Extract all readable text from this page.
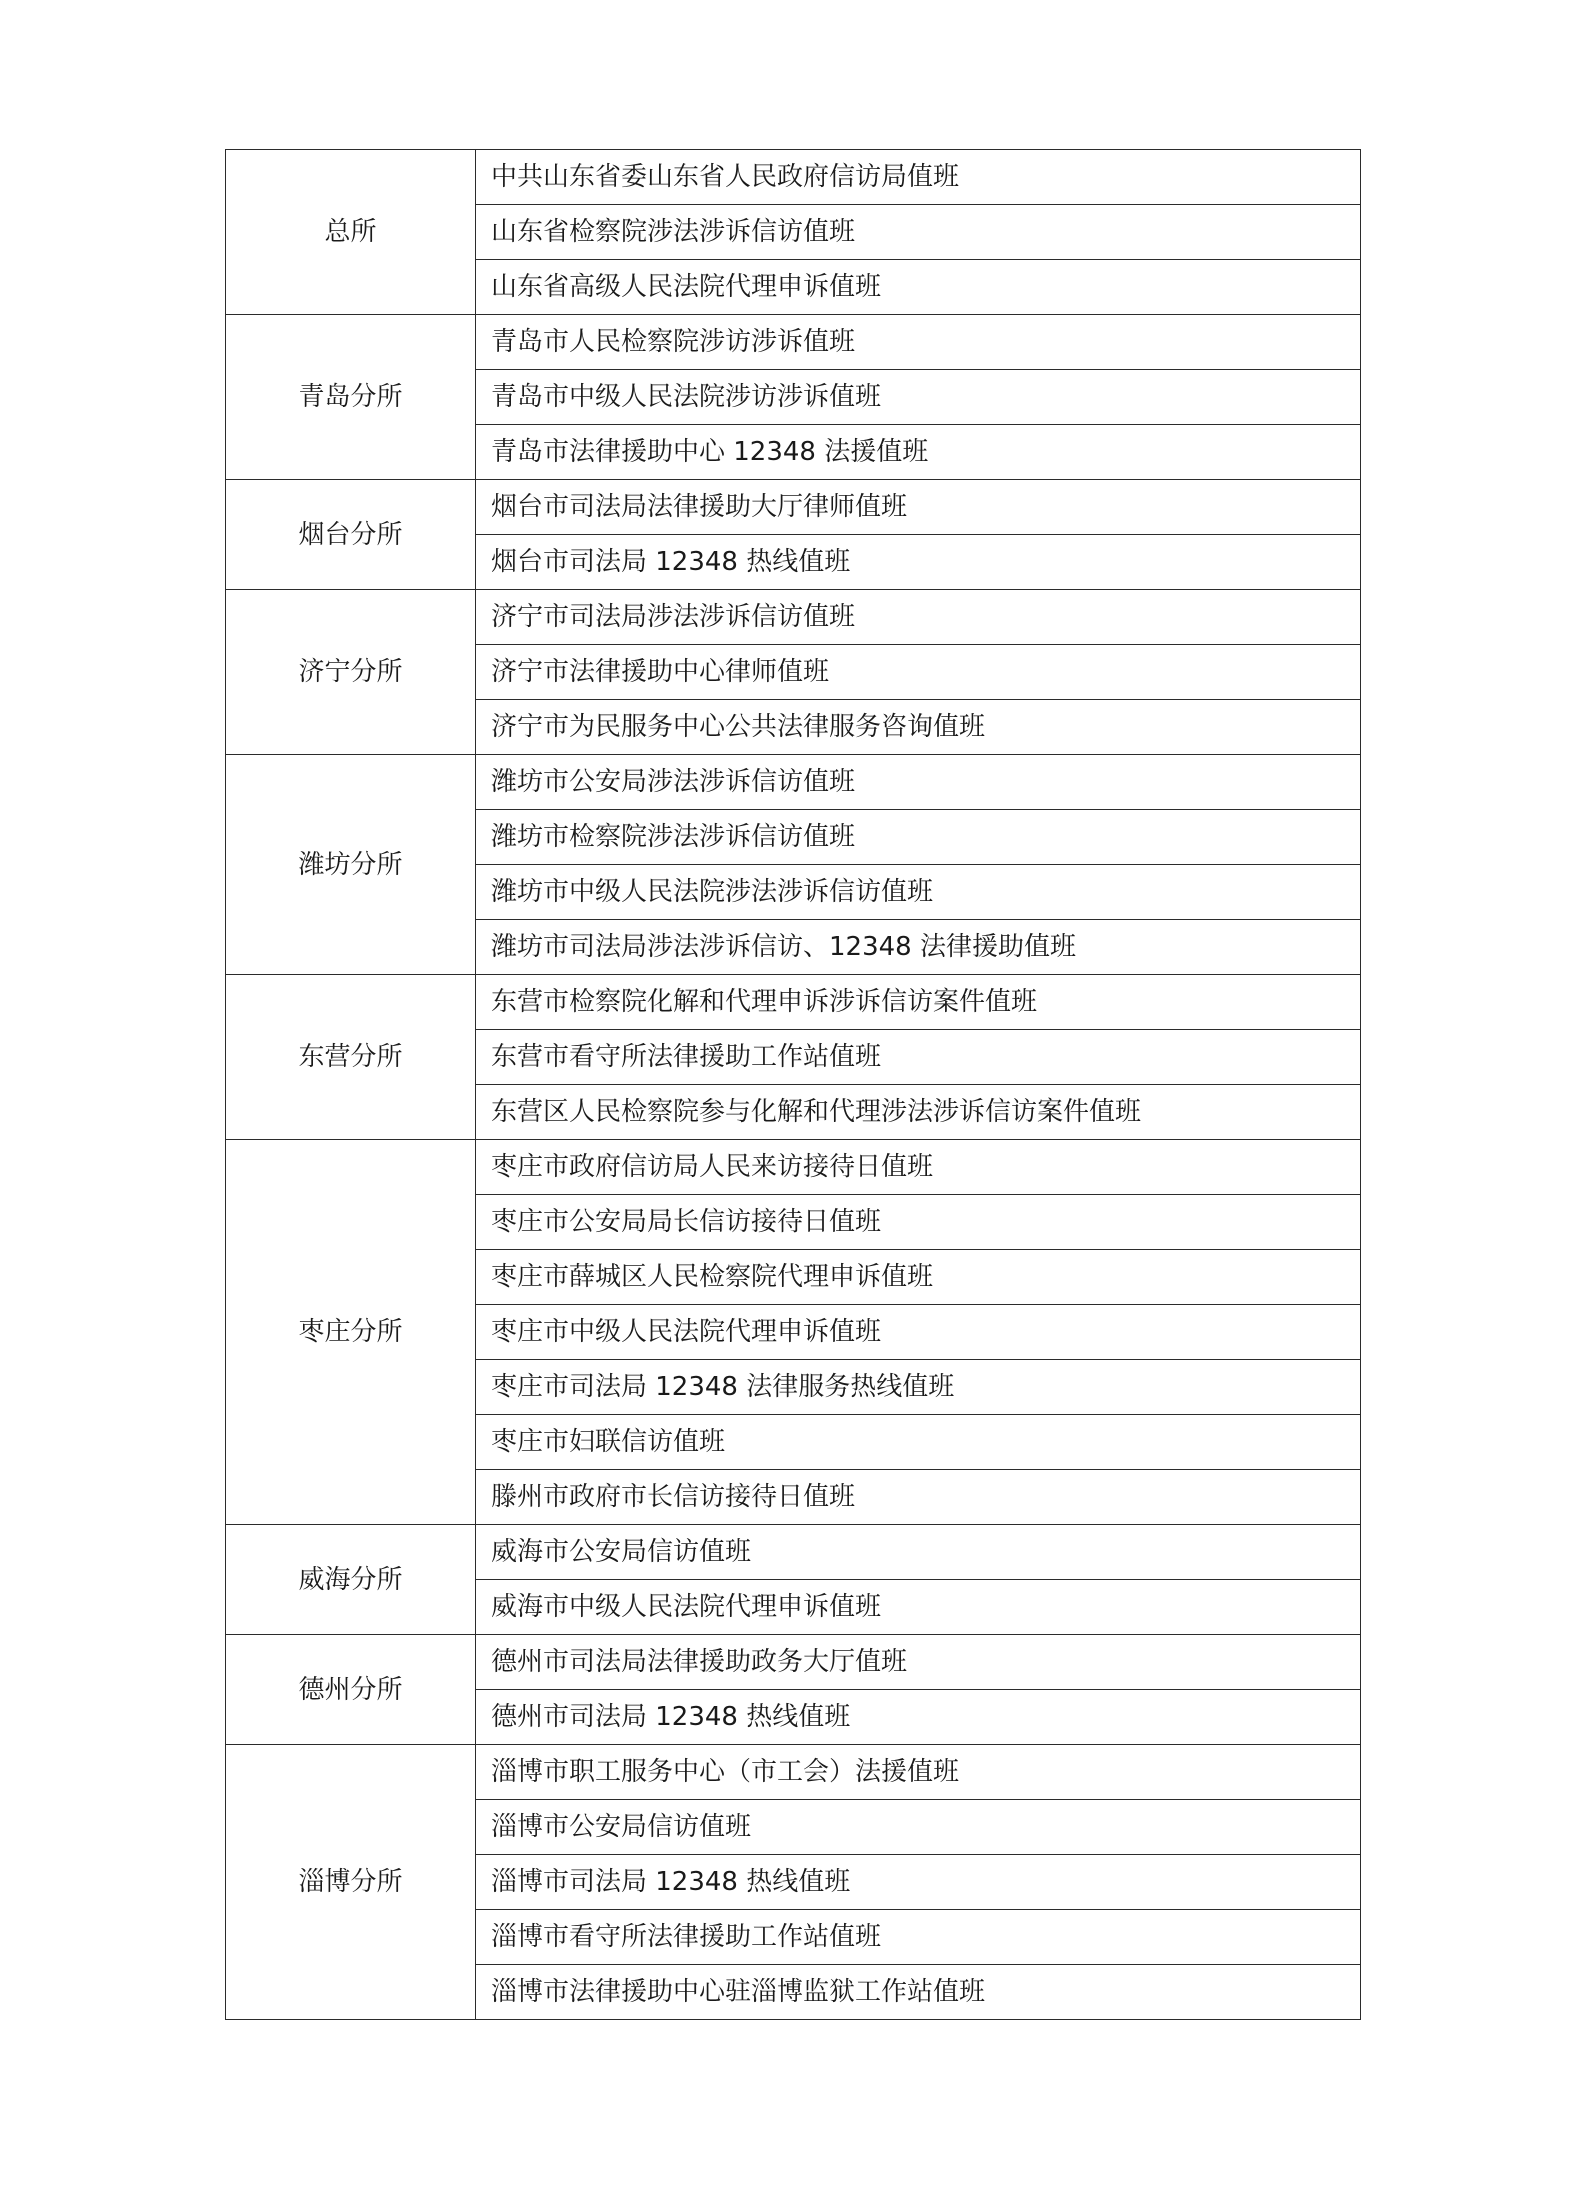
总所	中共山东省委山东省人民政府信访局值班
	山东省检察院涉法涉诉信访值班
	山东省高级人民法院代理申诉值班
青岛分所	青岛市人民检察院涉访涉诉值班
	青岛市中级人民法院涉访涉诉值班
	青岛市法律援助中心 12348 法援值班
烟台分所	烟台市司法局法律援助大厅律师值班
	烟台市司法局 12348 热线值班
济宁分所	济宁市司法局涉法涉诉信访值班
	济宁市法律援助中心律师值班
	济宁市为民服务中心公共法律服务咨询值班
潍坊分所	潍坊市公安局涉法涉诉信访值班
	潍坊市检察院涉法涉诉信访值班
	潍坊市中级人民法院涉法涉诉信访值班
	潍坊市司法局涉法涉诉信访、12348 法律援助值班
东营分所	东营市检察院化解和代理申诉涉诉信访案件值班
	东营市看守所法律援助工作站值班
	东营区人民检察院参与化解和代理涉法涉诉信访案件值班
枣庄分所	枣庄市政府信访局人民来访接待日值班
	枣庄市公安局局长信访接待日值班
	枣庄市薛城区人民检察院代理申诉值班
	枣庄市中级人民法院代理申诉值班
	枣庄市司法局 12348 法律服务热线值班
	枣庄市妇联信访值班
	滕州市政府市长信访接待日值班
威海分所	威海市公安局信访值班
	威海市中级人民法院代理申诉值班
德州分所	德州市司法局法律援助政务大厅值班
	德州市司法局 12348 热线值班
淄博分所	淄博市职工服务中心（市工会）法援值班
	淄博市公安局信访值班
	淄博市司法局 12348 热线值班
	淄博市看守所法律援助工作站值班
	淄博市法律援助中心驻淄博监狱工作站值班
